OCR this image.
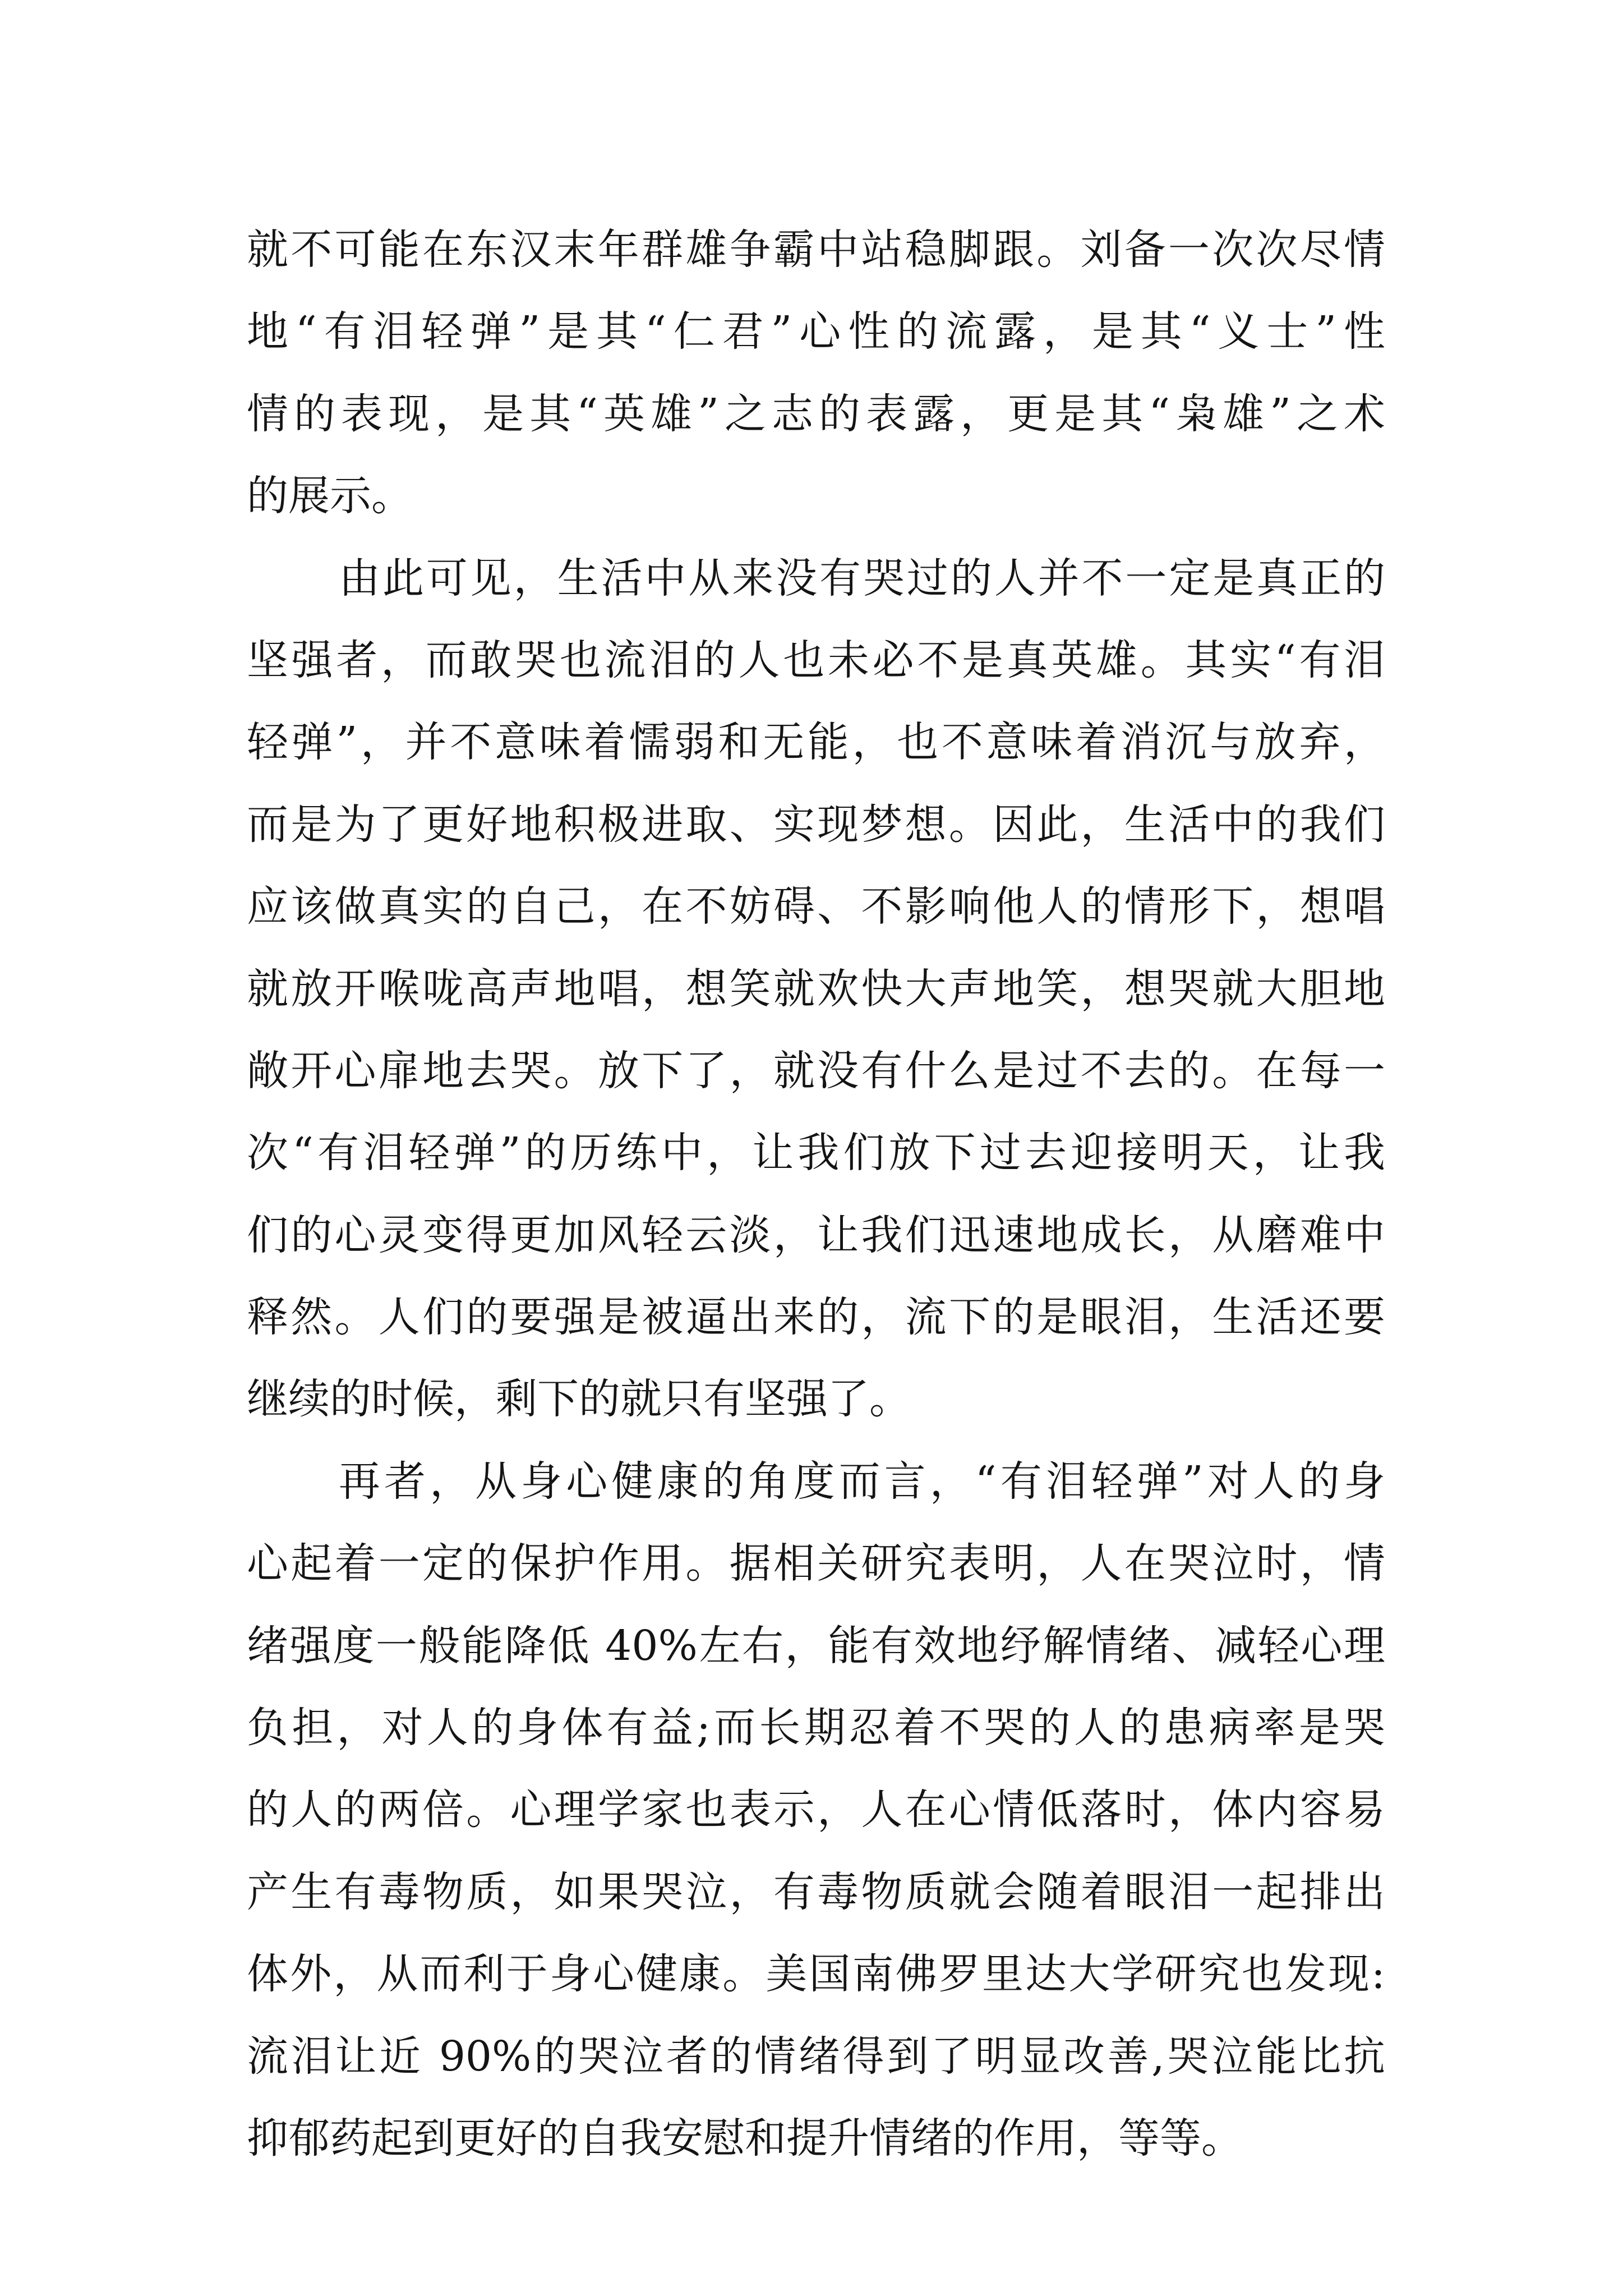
就不可能在东汉末年群雄争霸中站稳脚跟。刘备一次次尽情
地“有泪轻弹”是其“仁君”心性的流露，是其“义士”性
情的表现，是其“英雄”之志的表露，更是其“枭雄”之术
的展示。
由此可见，生活中从来没有哭过的人并不一定是真正的
坚强者，而敢哭也流泪的人也未必不是真英雄。其实“有泪
轻弹”，并不意味着懦弱和无能，也不意味着消沉与放弃，
而是为了更好地积极进取、实现梦想。因此，生活中的我们
应该做真实的自己，在不妨碍、不影响他人的情形下，想唱
就放开喉咙高声地唱，想笑就欢快大声地笑，想哭就大胆地
敞开心扉地去哭。放下了，就没有什么是过不去的。在每一
次“有泪轻弹”的历练中，让我们放下过去迎接明天，让我
们的心灵变得更加风轻云淡，让我们迅速地成长，从磨难中
释然。人们的要强是被逼出来的，流下的是眼泪，生活还要
继续的时候，剩下的就只有坚强了。
再者，从身心健康的角度而言，“有泪轻弹”对人的身
心起着一定的保护作用。据相关研究表明，人在哭泣时，情
绪强度一般能降低 40%左右，能有效地纾解情绪、减轻心理
负担，对人的身体有益;而长期忍着不哭的人的患病率是哭
的人的两倍。心理学家也表示，人在心情低落时，体内容易
产生有毒物质，如果哭泣，有毒物质就会随着眼泪一起排出
体外，从而利于身心健康。美国南佛罗里达大学研究也发现:
流泪让近 90%的哭泣者的情绪得到了明显改善,哭泣能比抗
抑郁药起到更好的自我安慰和提升情绪的作用，等等。
